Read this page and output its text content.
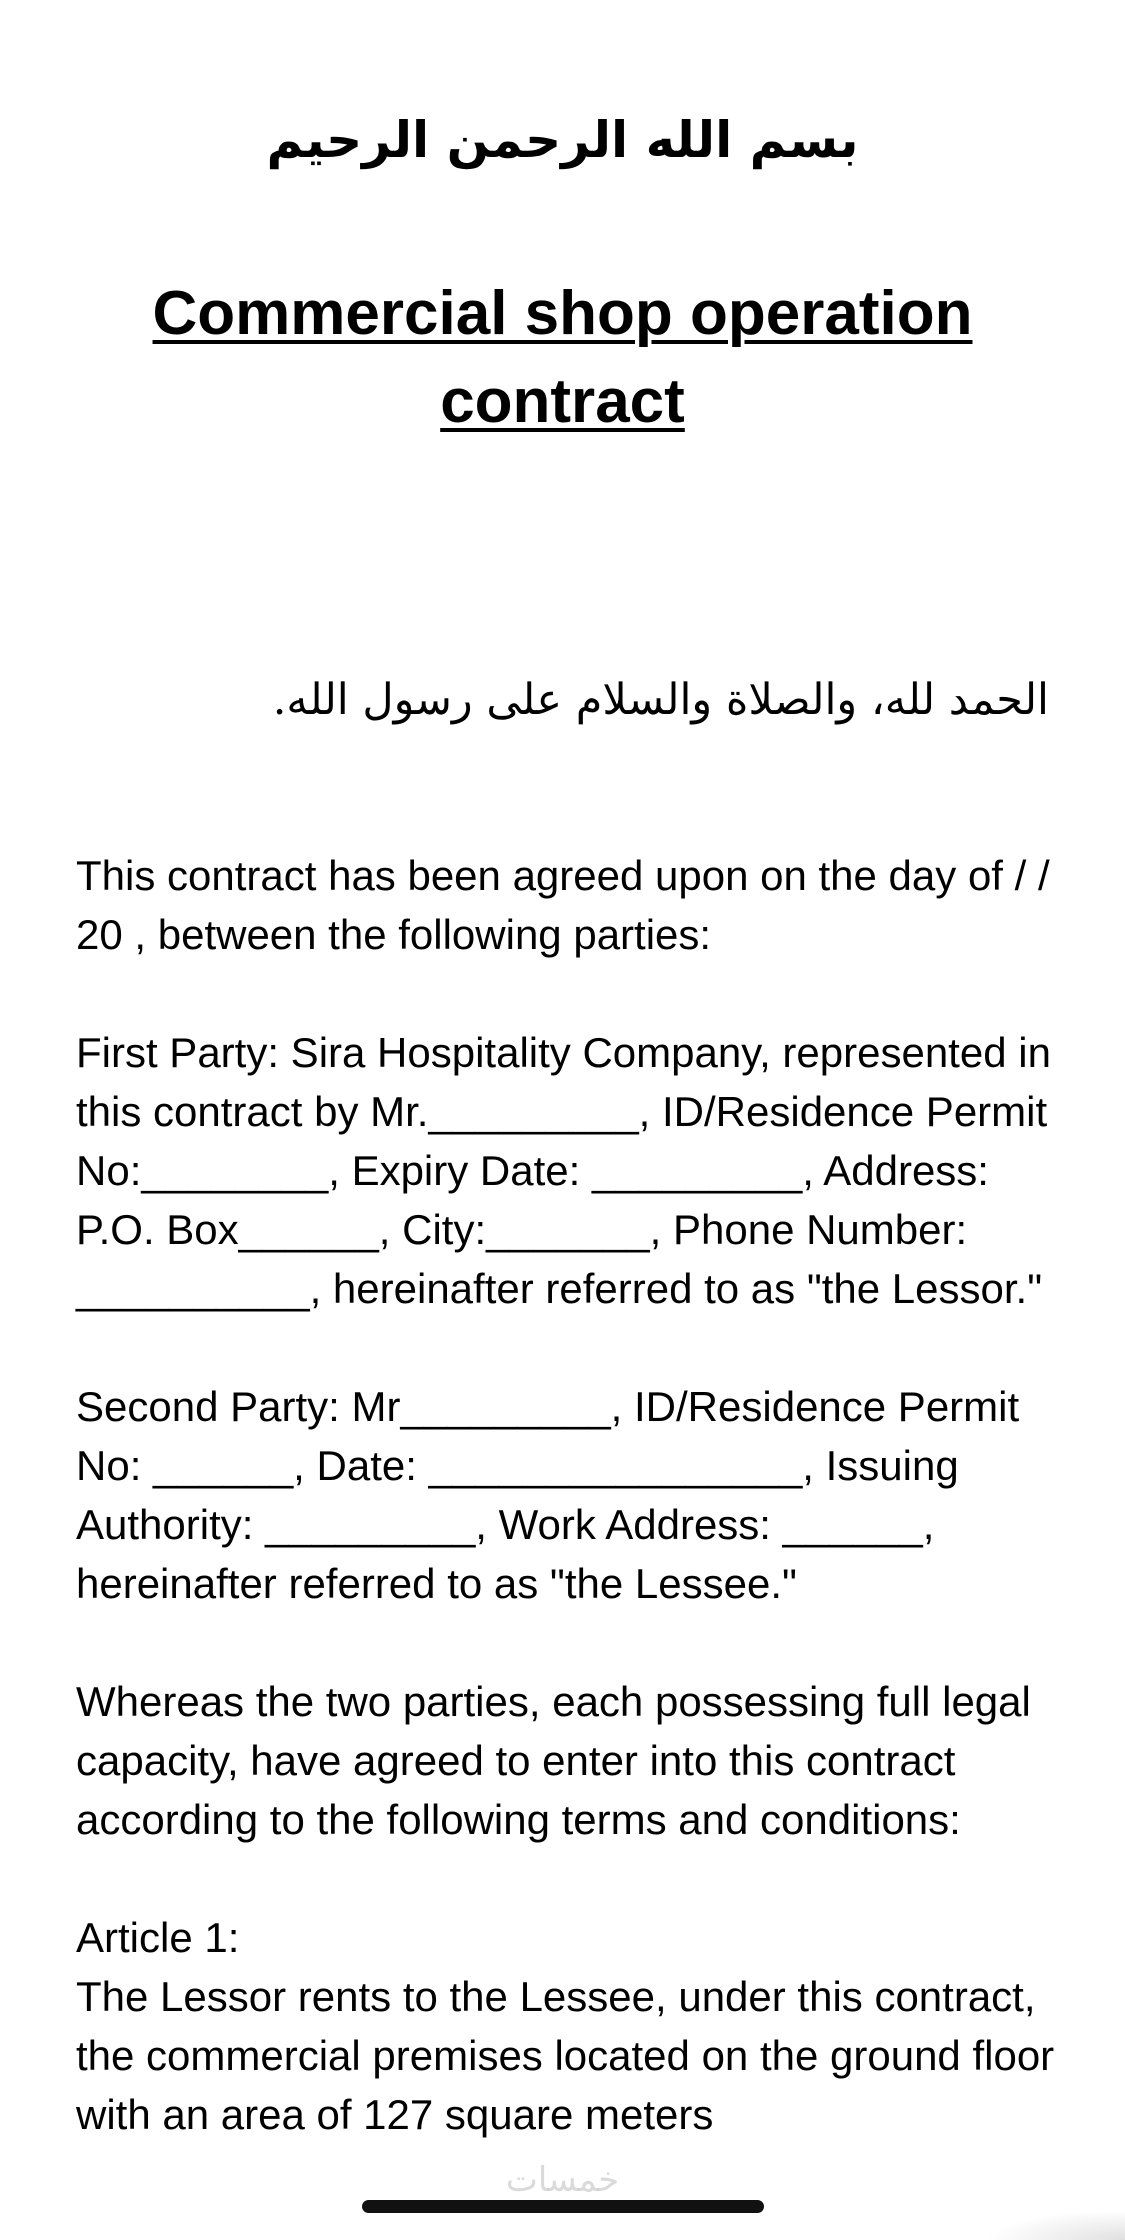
بسم الله الرحمن الرحيم
Commercial shop operation contract
الحمد لله، والصلاة والسلام على رسول الله.

This contract has been agreed upon on the day of / / 20 , between the following parties:

First Party: Sira Hospitality Company, represented in this contract by Mr._________, ID/Residence Permit No:________, Expiry Date: _________, Address: P.O. Box______, City:_______, Phone Number: __________, hereinafter referred to as "the Lessor."

Second Party: Mr_________, ID/Residence Permit No: ______, Date: ________________, Issuing Authority: _________, Work Address: ______, hereinafter referred to as "the Lessee."

Whereas the two parties, each possessing full legal capacity, have agreed to enter into this contract according to the following terms and conditions:

Article 1:

The Lessor rents to the Lessee, under this contract, the commercial premises located on the ground floor with an area of 127 square meters

خمسات
